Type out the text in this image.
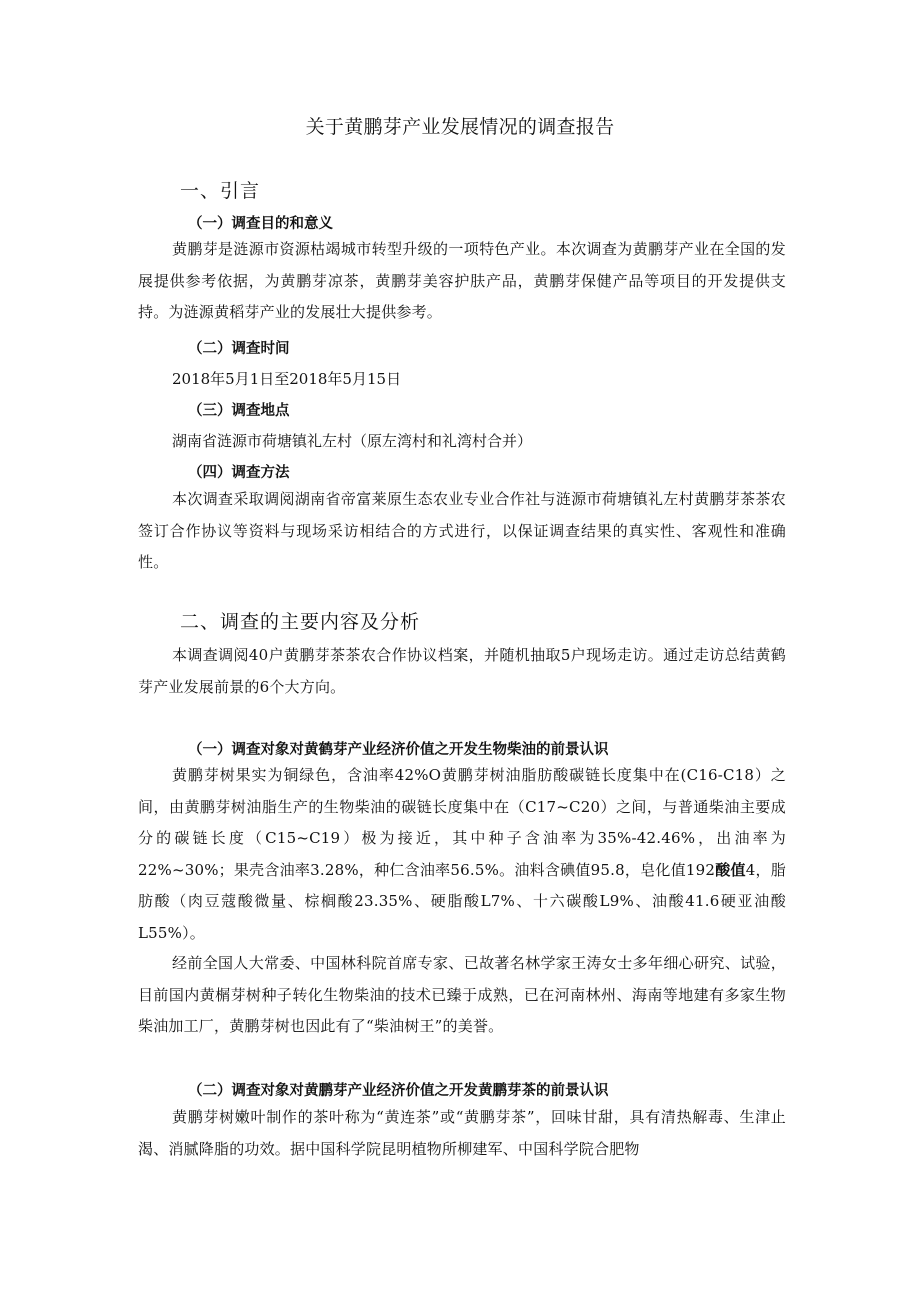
关于黄鹏芽产业发展情况的调查报告
一、引言
（一）调查目的和意义

黄鹏芽是涟源市资源枯竭城市转型升级的一项特色产业。本次调查为黄鹏芽产业在全国的发展提供参考依据，为黄鹏芽凉茶，黄鹏芽美容护肤产品，黄鹏芽保健产品等项目的开发提供支持。为涟源黄稻芽产业的发展壮大提供参考。

（二）调查时间
2018年5月1日至2018年5月15日
（三）调查地点
湖南省涟源市荷塘镇礼左村（原左湾村和礼湾村合并）
（四）调查方法

本次调查采取调阅湖南省帝富莱原生态农业专业合作社与涟源市荷塘镇礼左村黄鹏芽茶茶农签订合作协议等资料与现场采访相结合的方式进行，以保证调查结果的真实性、客观性和准确性。

二、调查的主要内容及分析

本调查调阅40户黄鹏芽茶茶农合作协议档案，并随机抽取5户现场走访。通过走访总结黄鹤芽产业发展前景的6个大方向。

（一）调查对象对黄鹤芽产业经济价值之开发生物柴油的前景认识

黄鹏芽树果实为铜绿色，含油率42%O黄鹏芽树油脂肪酸碳链长度集中在(C16-C18）之间，由黄鹏芽树油脂生产的生物柴油的碳链长度集中在（C17~C20）之间，与普通柴油主要成分的碳链长度（C15~C19）极为接近，其中种子含油率为35%-42.46%，出油率为22%~30%；果壳含油率3.28%，种仁含油率56.5%。油料含碘值95.8，皂化值192酸值4，脂肪酸（肉豆蔻酸微量、棕榈酸23.35%、硬脂酸L7%、十六碳酸L9%、油酸41.6硬亚油酸L55%）。

经前全国人大常委、中国林科院首席专家、已故著名林学家王涛女士多年细心研究、试验，目前国内黄榍芽树种子转化生物柴油的技术已臻于成熟，已在河南林州、海南等地建有多家生物柴油加工厂，黄鹏芽树也因此有了“柴油树王”的美誉。

（二）调查对象对黄鹏芽产业经济价值之开发黄鹏芽茶的前景认识

黄鹏芽树嫩叶制作的茶叶称为“黄连茶”或“黄鹏芽茶”，回味甘甜，具有清热解毒、生津止渴、消腻降脂的功效。据中国科学院昆明植物所柳建军、中国科学院合肥物
